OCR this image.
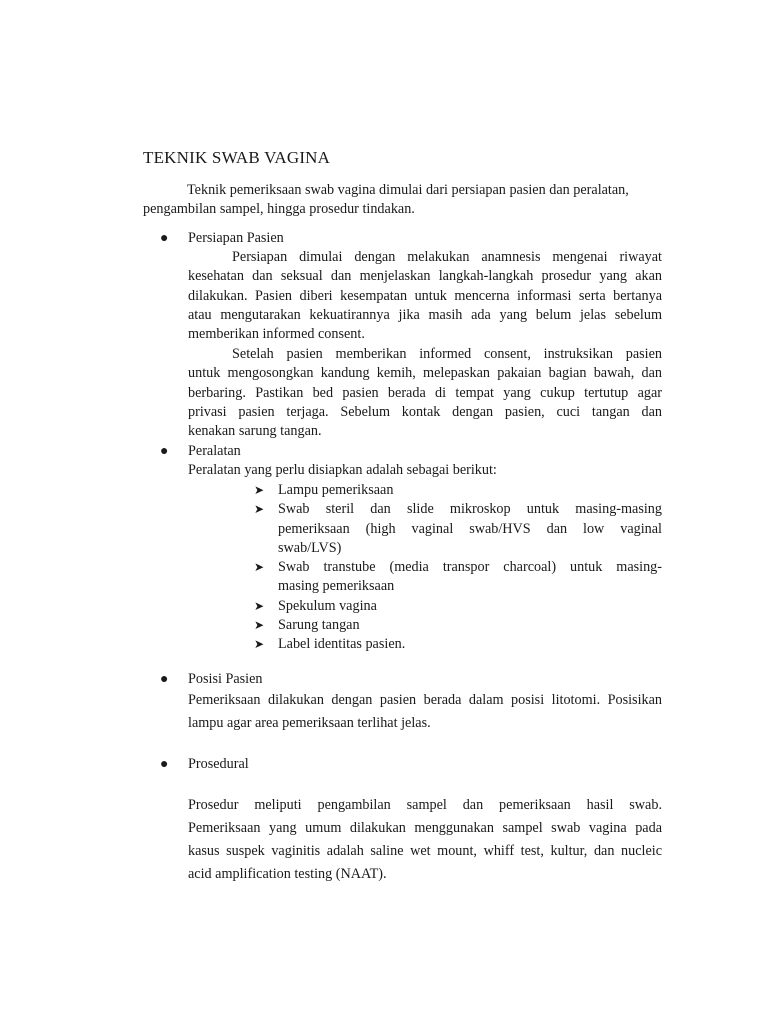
TEKNIK SWAB VAGINA

Teknik pemeriksaan swab vagina dimulai dari persiapan pasien dan peralatan,
pengambilan sampel, hingga prosedur tindakan.

●	Persiapan Pasien
Persiapan dimulai dengan melakukan anamnesis mengenai riwayat
kesehatan dan seksual dan menjelaskan langkah-langkah prosedur yang akan
dilakukan. Pasien diberi kesempatan untuk mencerna informasi serta bertanya
atau mengutarakan kekuatirannya jika masih ada yang belum jelas sebelum
memberikan informed consent.
Setelah pasien memberikan informed consent, instruksikan pasien
untuk mengosongkan kandung kemih, melepaskan pakaian bagian bawah, dan
berbaring. Pastikan bed pasien berada di tempat yang cukup tertutup agar
privasi pasien terjaga. Sebelum kontak dengan pasien, cuci tangan dan
kenakan sarung tangan.
●	Peralatan
Peralatan yang perlu disiapkan adalah sebagai berikut:
➤ Lampu pemeriksaan
➤ Swab steril dan slide mikroskop untuk masing-masing
pemeriksaan (high vaginal swab/HVS dan low vaginal
swab/LVS)
➤ Swab transtube (media transpor charcoal) untuk masing-
masing pemeriksaan
➤ Spekulum vagina
➤ Sarung tangan
➤ Label identitas pasien.
●	Posisi Pasien
Pemeriksaan dilakukan dengan pasien berada dalam posisi litotomi. Posisikan
lampu agar area pemeriksaan terlihat jelas.
●	Prosedural
Prosedur meliputi pengambilan sampel dan pemeriksaan hasil swab.
Pemeriksaan yang umum dilakukan menggunakan sampel swab vagina pada
kasus suspek vaginitis adalah saline wet mount, whiff test, kultur, dan nucleic
acid amplification testing (NAAT).
